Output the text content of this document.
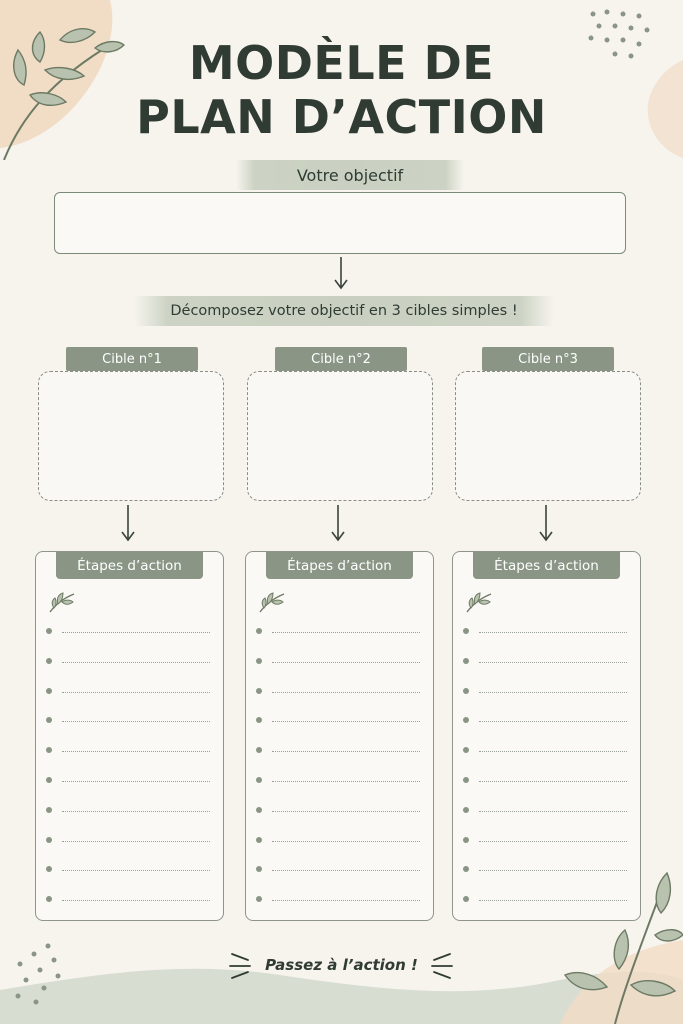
MODÈLE DE
PLAN D’ACTION
Votre objectif
Décomposez votre objectif en 3 cibles simples !
Cible n°1	Cible n°2	Cible n°3
Étapes d’action	Étapes d’action	Étapes d’action
Passez à l’action !
